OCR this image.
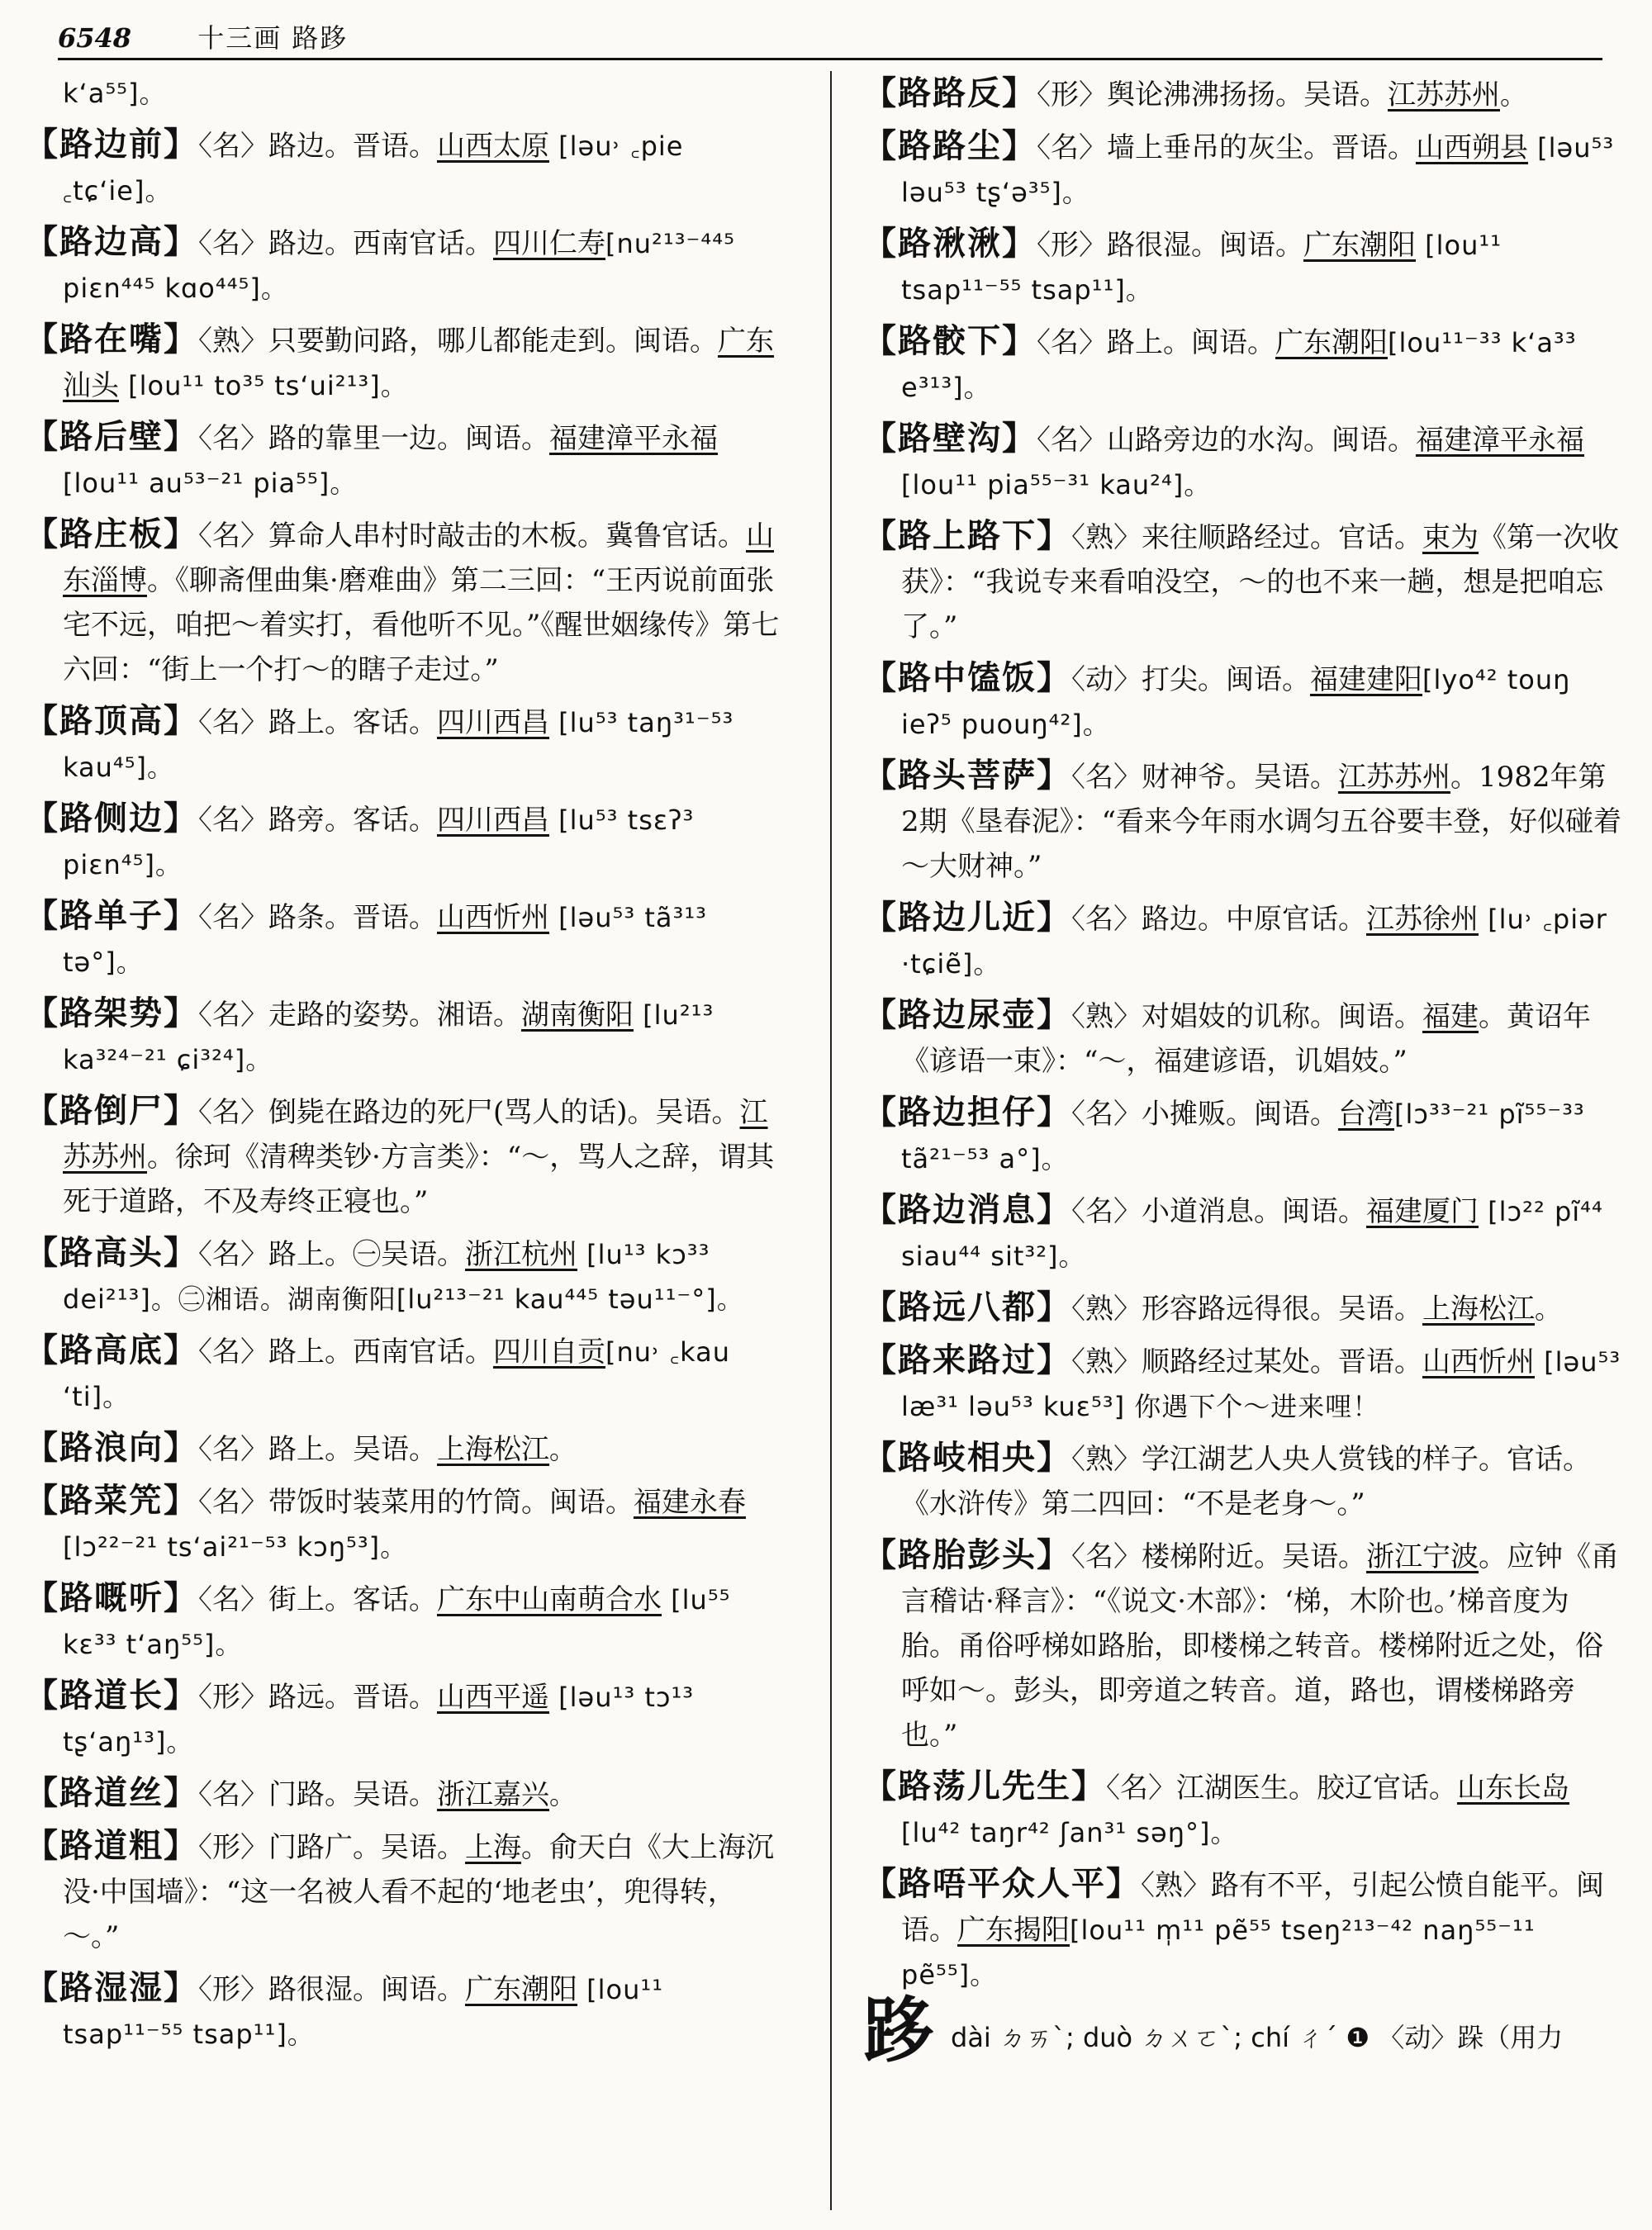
6548	十三画 路跢
k‘a⁵⁵]。
【路边前】〈名〉路边。晋语。山西太原 [ləu˒ ꜀pie ꜀tɕ‘ie]。
【路边高】〈名〉路边。西南官话。四川仁寿[nu²¹³⁻⁴⁴⁵ piɛn⁴⁴⁵ kɑo⁴⁴⁵]。
【路在嘴】〈熟〉只要勤问路，哪儿都能走到。闽语。广东汕头 [lou¹¹ to³⁵ ts‘ui²¹³]。
【路后壁】〈名〉路的靠里一边。闽语。福建漳平永福 [lou¹¹ au⁵³⁻²¹ pia⁵⁵]。
【路庄板】〈名〉算命人串村时敲击的木板。冀鲁官话。山东淄博。《聊斋俚曲集·磨难曲》第二三回：“王丙说前面张宅不远，咱把～着实打，看他听不见。”《醒世姻缘传》第七六回：“街上一个打～的瞎子走过。”
【路顶高】〈名〉路上。客话。四川西昌 [lu⁵³ taŋ³¹⁻⁵³ kau⁴⁵]。
【路侧边】〈名〉路旁。客话。四川西昌 [lu⁵³ tsɛʔ³ piɛn⁴⁵]。
【路单子】〈名〉路条。晋语。山西忻州 [ləu⁵³ tã³¹³ tə°]。
【路架势】〈名〉走路的姿势。湘语。湖南衡阳 [lu²¹³ ka³²⁴⁻²¹ ɕi³²⁴]。
【路倒尸】〈名〉倒毙在路边的死尸(骂人的话)。吴语。江苏苏州。徐珂《清稗类钞·方言类》：“～，骂人之辞，谓其死于道路，不及寿终正寝也。”
【路高头】〈名〉路上。㊀吴语。浙江杭州 [lu¹³ kɔ³³ dei²¹³]。㊁湘语。湖南衡阳[lu²¹³⁻²¹ kau⁴⁴⁵ təu¹¹⁻°]。
【路高底】〈名〉路上。西南官话。四川自贡[nu˒ ꜀kau ‘ti]。
【路浪向】〈名〉路上。吴语。上海松江。
【路菜笐】〈名〉带饭时装菜用的竹筒。闽语。福建永春 [lɔ²²⁻²¹ ts‘ai²¹⁻⁵³ kɔŋ⁵³]。
【路嘅听】〈名〉街上。客话。广东中山南萌合水 [lu⁵⁵ kɛ³³ t‘aŋ⁵⁵]。
【路道长】〈形〉路远。晋语。山西平遥 [ləu¹³ tɔ¹³ tʂ‘aŋ¹³]。
【路道丝】〈名〉门路。吴语。浙江嘉兴。
【路道粗】〈形〉门路广。吴语。上海。俞天白《大上海沉没·中国墙》：“这一名被人看不起的‘地老虫’，兜得转，～。”
【路湿湿】〈形〉路很湿。闽语。广东潮阳 [lou¹¹ tsap¹¹⁻⁵⁵ tsap¹¹]。
【路路反】〈形〉舆论沸沸扬扬。吴语。江苏苏州。
【路路尘】〈名〉墙上垂吊的灰尘。晋语。山西朔县 [ləu⁵³ ləu⁵³ tʂ‘ə³⁵]。
【路湫湫】〈形〉路很湿。闽语。广东潮阳 [lou¹¹ tsap¹¹⁻⁵⁵ tsap¹¹]。
【路骹下】〈名〉路上。闽语。广东潮阳[lou¹¹⁻³³ k‘a³³ e³¹³]。
【路壁沟】〈名〉山路旁边的水沟。闽语。福建漳平永福 [lou¹¹ pia⁵⁵⁻³¹ kau²⁴]。
【路上路下】〈熟〉来往顺路经过。官话。束为《第一次收获》：“我说专来看咱没空，～的也不来一趟，想是把咱忘了。”
【路中馌饭】〈动〉打尖。闽语。福建建阳[lyo⁴² touŋ ieʔ⁵ puouŋ⁴²]。
【路头菩萨】〈名〉财神爷。吴语。江苏苏州。1982年第2期《垦春泥》：“看来今年雨水调匀五谷要丰登，好似碰着～大财神。”
【路边儿近】〈名〉路边。中原官话。江苏徐州 [lu˒ ꜀piər ·tɕiẽ]。
【路边尿壶】〈熟〉对娼妓的讥称。闽语。福建。黄诏年《谚语一束》：“～，福建谚语，讥娼妓。”
【路边担仔】〈名〉小摊贩。闽语。台湾[lɔ³³⁻²¹ pĩ⁵⁵⁻³³ tã²¹⁻⁵³ a°]。
【路边消息】〈名〉小道消息。闽语。福建厦门 [lɔ²² pĩ⁴⁴ siau⁴⁴ sit³²]。
【路远八都】〈熟〉形容路远得很。吴语。上海松江。
【路来路过】〈熟〉顺路经过某处。晋语。山西忻州 [ləu⁵³ læ³¹ ləu⁵³ kuɛ⁵³] 你遇下个～进来哩！
【路岐相央】〈熟〉学江湖艺人央人赏钱的样子。官话。《水浒传》第二四回：“不是老身～。”
【路胎彭头】〈名〉楼梯附近。吴语。浙江宁波。应钟《甬言稽诂·释言》：“《说文·木部》：‘梯，木阶也。’梯音度为胎。甬俗呼梯如路胎，即楼梯之转音。楼梯附近之处，俗呼如～。彭头，即旁道之转音。道，路也，谓楼梯路旁也。”
【路荡儿先生】〈名〉江湖医生。胶辽官话。山东长岛 [lu⁴² taŋr⁴² ʃan³¹ səŋ°]。
【路唔平众人平】〈熟〉路有不平，引起公愤自能平。闽语。广东揭阳[lou¹¹ m̩¹¹ pẽ⁵⁵ tseŋ²¹³⁻⁴² naŋ⁵⁵⁻¹¹ pẽ⁵⁵]。
跢dài ㄉㄞˋ; duò ㄉㄨㄛˋ; chí ㄔˊ ❶ 〈动〉跺（用力
